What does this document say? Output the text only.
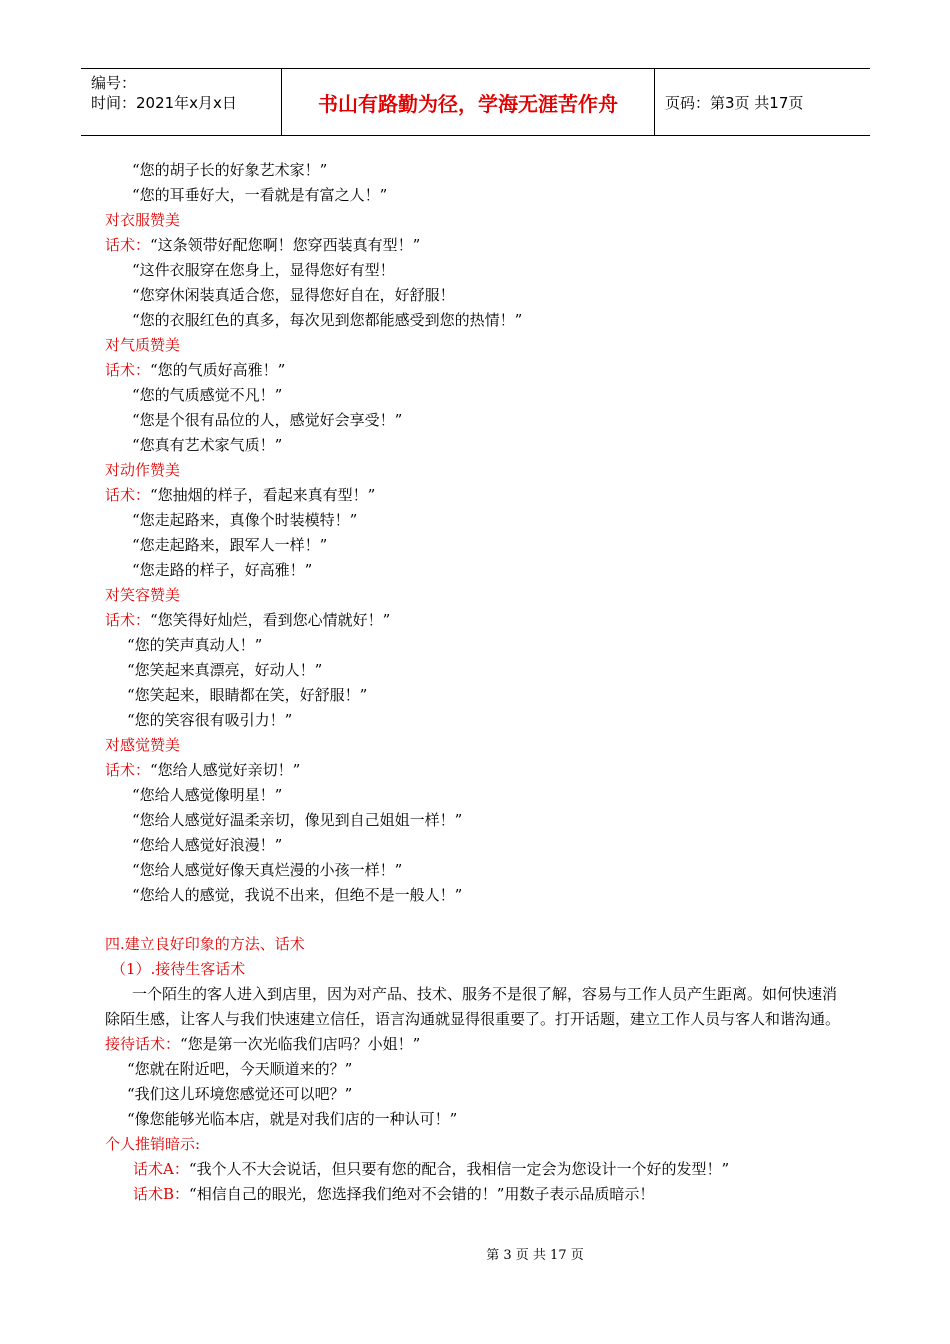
编号：
时间：2021年x月x日	书山有路勤为径，学海无涯苦作舟	页码：第3页 共17页
“您的胡子长的好象艺术家！”
“您的耳垂好大，一看就是有富之人！”
对衣服赞美
话术：“这条领带好配您啊！您穿西装真有型！”
“这件衣服穿在您身上，显得您好有型！
“您穿休闲装真适合您，显得您好自在，好舒服！
“您的衣服红色的真多，每次见到您都能感受到您的热情！”
对气质赞美
话术：“您的气质好高雅！”
“您的气质感觉不凡！”
“您是个很有品位的人，感觉好会享受！”
“您真有艺术家气质！”
对动作赞美
话术：“您抽烟的样子，看起来真有型！”
“您走起路来，真像个时装模特！”
“您走起路来，跟军人一样！”
“您走路的样子，好高雅！”
对笑容赞美
话术：“您笑得好灿烂，看到您心情就好！”
“您的笑声真动人！”
“您笑起来真漂亮，好动人！”
“您笑起来，眼睛都在笑，好舒服！”
“您的笑容很有吸引力！”
对感觉赞美
话术：“您给人感觉好亲切！”
“您给人感觉像明星！”
“您给人感觉好温柔亲切，像见到自己姐姐一样！”
“您给人感觉好浪漫！”
“您给人感觉好像天真烂漫的小孩一样！”
“您给人的感觉，我说不出来，但绝不是一般人！”
四.建立良好印象的方法、话术
（1）.接待生客话术
一个陌生的客人进入到店里，因为对产品、技术、服务不是很了解，容易与工作人员产生距离。如何快速消除陌生感，让客人与我们快速建立信任，语言沟通就显得很重要了。打开话题，建立工作人员与客人和谐沟通。
接待话术：“您是第一次光临我们店吗？小姐！”
“您就在附近吧，今天顺道来的？”
“我们这儿环境您感觉还可以吧？”
“像您能够光临本店，就是对我们店的一种认可！”
个人推销暗示:
话术A：“我个人不大会说话，但只要有您的配合，我相信一定会为您设计一个好的发型！”
话术B：“相信自己的眼光，您选择我们绝对不会错的！”用数子表示品质暗示！
第 3 页 共 17 页
